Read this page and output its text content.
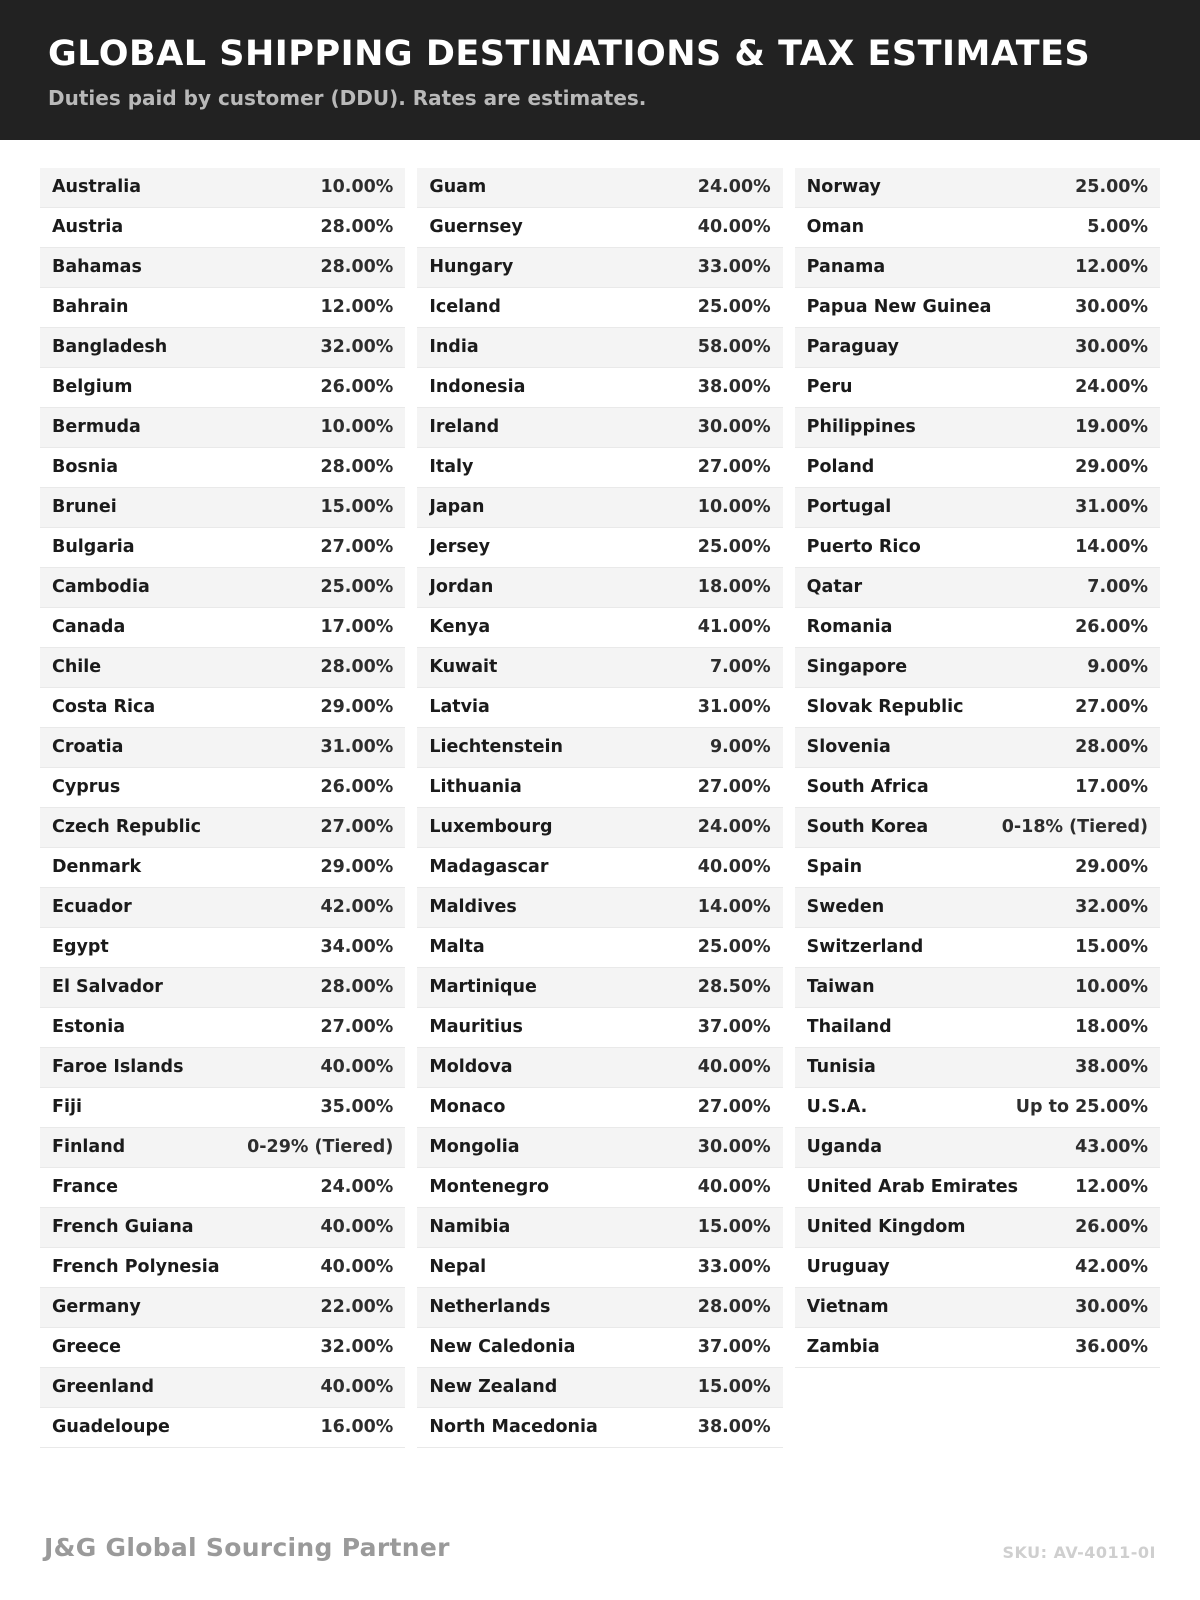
GLOBAL SHIPPING DESTINATIONS & TAX ESTIMATES

Duties paid by customer (DDU). Rates are estimates.

Australia	10.00%
Austria	28.00%
Bahamas	28.00%
Bahrain	12.00%
Bangladesh	32.00%
Belgium	26.00%
Bermuda	10.00%
Bosnia	28.00%
Brunei	15.00%
Bulgaria	27.00%
Cambodia	25.00%
Canada	17.00%
Chile	28.00%
Costa Rica	29.00%
Croatia	31.00%
Cyprus	26.00%
Czech Republic	27.00%
Denmark	29.00%
Ecuador	42.00%
Egypt	34.00%
El Salvador	28.00%
Estonia	27.00%
Faroe Islands	40.00%
Fiji	35.00%
Finland	0-29% (Tiered)
France	24.00%
French Guiana	40.00%
French Polynesia	40.00%
Germany	22.00%
Greece	32.00%
Greenland	40.00%
Guadeloupe	16.00%
Guam	24.00%
Guernsey	40.00%
Hungary	33.00%
Iceland	25.00%
India	58.00%
Indonesia	38.00%
Ireland	30.00%
Italy	27.00%
Japan	10.00%
Jersey	25.00%
Jordan	18.00%
Kenya	41.00%
Kuwait	7.00%
Latvia	31.00%
Liechtenstein	9.00%
Lithuania	27.00%
Luxembourg	24.00%
Madagascar	40.00%
Maldives	14.00%
Malta	25.00%
Martinique	28.50%
Mauritius	37.00%
Moldova	40.00%
Monaco	27.00%
Mongolia	30.00%
Montenegro	40.00%
Namibia	15.00%
Nepal	33.00%
Netherlands	28.00%
New Caledonia	37.00%
New Zealand	15.00%
North Macedonia	38.00%
Norway	25.00%
Oman	5.00%
Panama	12.00%
Papua New Guinea	30.00%
Paraguay	30.00%
Peru	24.00%
Philippines	19.00%
Poland	29.00%
Portugal	31.00%
Puerto Rico	14.00%
Qatar	7.00%
Romania	26.00%
Singapore	9.00%
Slovak Republic	27.00%
Slovenia	28.00%
South Africa	17.00%
South Korea	0-18% (Tiered)
Spain	29.00%
Sweden	32.00%
Switzerland	15.00%
Taiwan	10.00%
Thailand	18.00%
Tunisia	38.00%
U.S.A.	Up to 25.00%
Uganda	43.00%
United Arab Emirates	12.00%
United Kingdom	26.00%
Uruguay	42.00%
Vietnam	30.00%
Zambia	36.00%
J&G Global Sourcing Partner	SKU: AV-4011-0I
